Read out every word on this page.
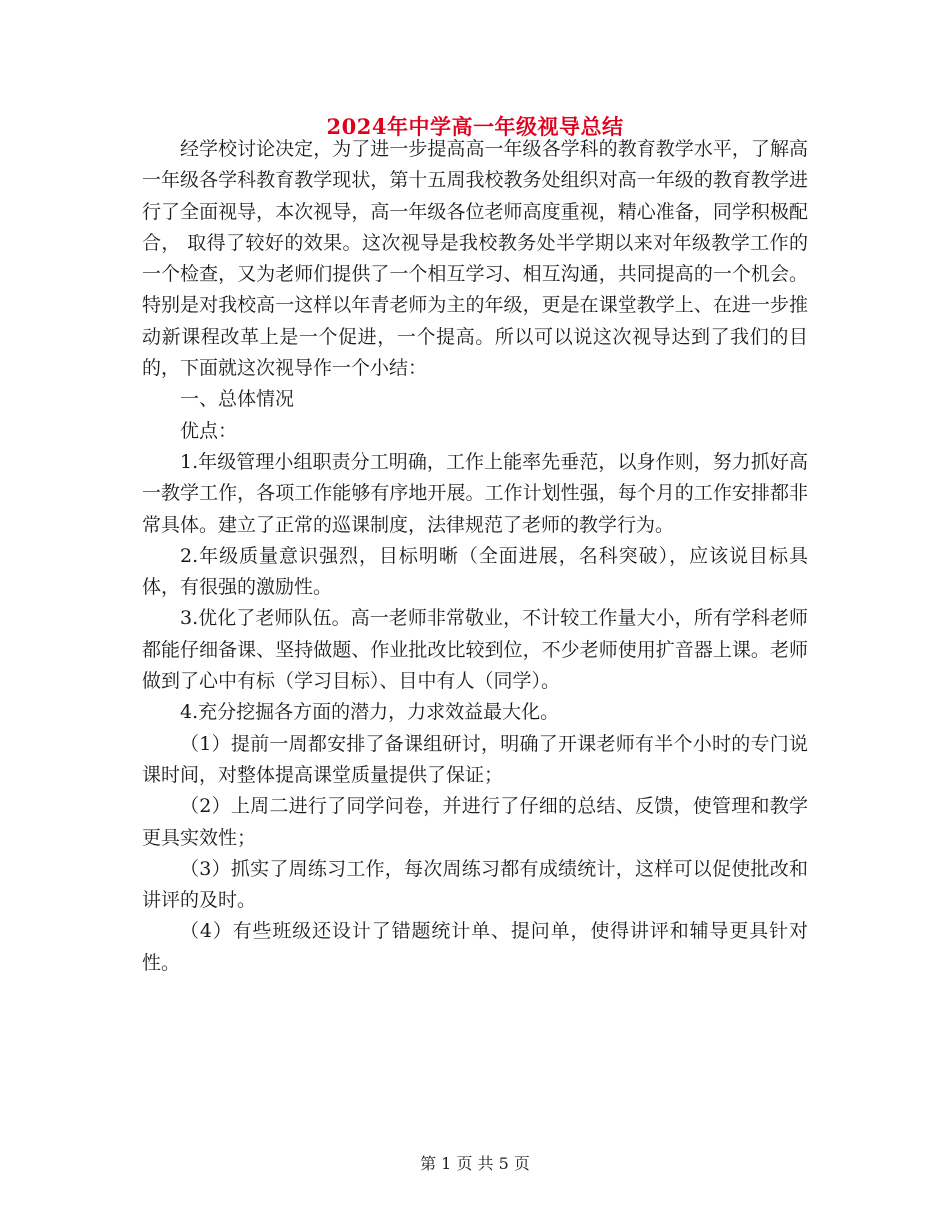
2024年中学高一年级视导总结

经学校讨论决定，为了进一步提高高一年级各学科的教育教学水平，了解高一年级各学科教育教学现状，第十五周我校教务处组织对高一年级的教育教学进行了全面视导，本次视导，高一年级各位老师高度重视，精心准备，同学积极配合， 取得了较好的效果。这次视导是我校教务处半学期以来对年级教学工作的一个检查，又为老师们提供了一个相互学习、相互沟通，共同提高的一个机会。特别是对我校高一这样以年青老师为主的年级，更是在课堂教学上、在进一步推动新课程改革上是一个促进，一个提高。所以可以说这次视导达到了我们的目的，下面就这次视导作一个小结：

一、总体情况

优点：

1.年级管理小组职责分工明确，工作上能率先垂范，以身作则，努力抓好高一教学工作，各项工作能够有序地开展。工作计划性强，每个月的工作安排都非常具体。建立了正常的巡课制度，法律规范了老师的教学行为。

2.年级质量意识强烈，目标明晰（全面进展，名科突破），应该说目标具体，有很强的激励性。

3.优化了老师队伍。高一老师非常敬业，不计较工作量大小，所有学科老师都能仔细备课、坚持做题、作业批改比较到位，不少老师使用扩音器上课。老师做到了心中有标（学习目标）、目中有人（同学）。

4.充分挖掘各方面的潜力，力求效益最大化。

（1）提前一周都安排了备课组研讨，明确了开课老师有半个小时的专门说课时间，对整体提高课堂质量提供了保证；

（2）上周二进行了同学问卷，并进行了仔细的总结、反馈，使管理和教学更具实效性；

（3）抓实了周练习工作，每次周练习都有成绩统计，这样可以促使批改和讲评的及时。

（4）有些班级还设计了错题统计单、提问单，使得讲评和辅导更具针对性。

第 1 页 共 5 页
